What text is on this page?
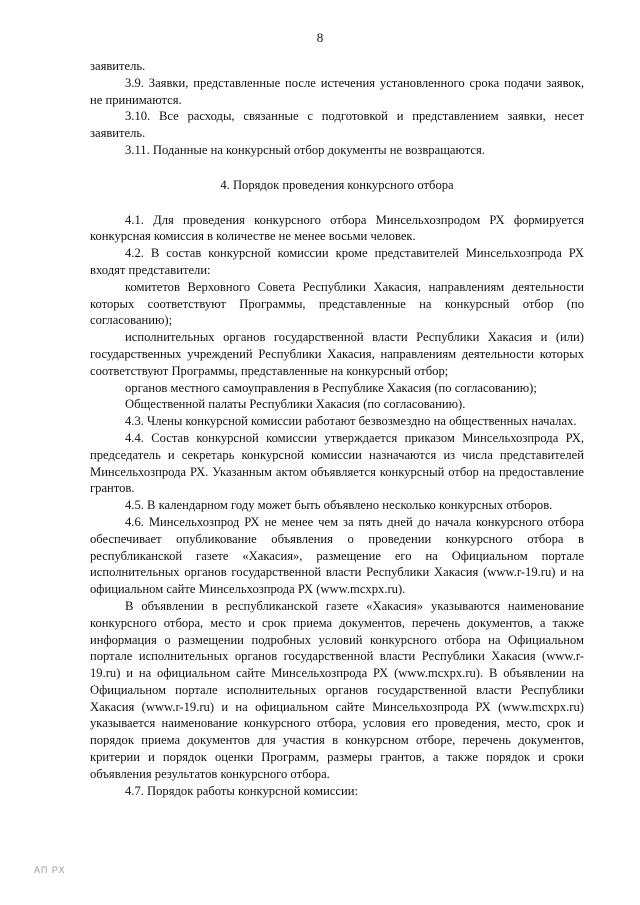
8

заявитель.

3.9. Заявки, представленные после истечения установленного срока подачи заявок, не принимаются.

3.10. Все расходы, связанные с подготовкой и представлением заявки, несет заявитель.

3.11. Поданные на конкурсный отбор документы не возвращаются.

4. Порядок проведения конкурсного отбора

4.1. Для проведения конкурсного отбора Минсельхозпродом РХ формируется конкурсная комиссия в количестве не менее восьми человек.

4.2. В состав конкурсной комиссии кроме представителей Минсельхозпрода РХ входят представители:

комитетов Верховного Совета Республики Хакасия, направлениям деятельности которых соответствуют Программы, представленные на конкурсный отбор (по согласованию);

исполнительных органов государственной власти Республики Хакасия и (или) государственных учреждений Республики Хакасия, направлениям деятельности которых соответствуют Программы, представленные на конкурсный отбор;

органов местного самоуправления в Республике Хакасия (по согласованию);

Общественной палаты Республики Хакасия (по согласованию).

4.3. Члены конкурсной комиссии работают безвозмездно на общественных началах.

4.4. Состав конкурсной комиссии утверждается приказом Минсельхозпрода РХ, председатель и секретарь конкурсной комиссии назначаются из числа представителей Минсельхозпрода РХ. Указанным актом объявляется конкурсный отбор на предоставление грантов.

4.5. В календарном году может быть объявлено несколько конкурсных отборов.

4.6. Минсельхозпрод РХ не менее чем за пять дней до начала конкурсного отбора обеспечивает опубликование объявления о проведении конкурсного отбора в республиканской газете «Хакасия», размещение его на Официальном портале исполнительных органов государственной власти Республики Хакасия (www.r-19.ru) и на официальном сайте Минсельхозпрода РХ (www.mcxpx.ru).

В объявлении в республиканской газете «Хакасия» указываются наименование конкурсного отбора, место и срок приема документов, перечень документов, а также информация о размещении подробных условий конкурсного отбора на Официальном портале исполнительных органов государственной власти Республики Хакасия (www.r-19.ru) и на официальном сайте Минсельхозпрода РХ (www.mcxpx.ru). В объявлении на Официальном портале исполнительных органов государственной власти Республики Хакасия (www.r-19.ru) и на официальном сайте Минсельхозпрода РХ (www.mcxpx.ru) указывается наименование конкурсного отбора, условия его проведения, место, срок и порядок приема документов для участия в конкурсном отборе, перечень документов, критерии и порядок оценки Программ, размеры грантов, а также порядок и сроки объявления результатов конкурсного отбора.

4.7. Порядок работы конкурсной комиссии:

АП РХ
